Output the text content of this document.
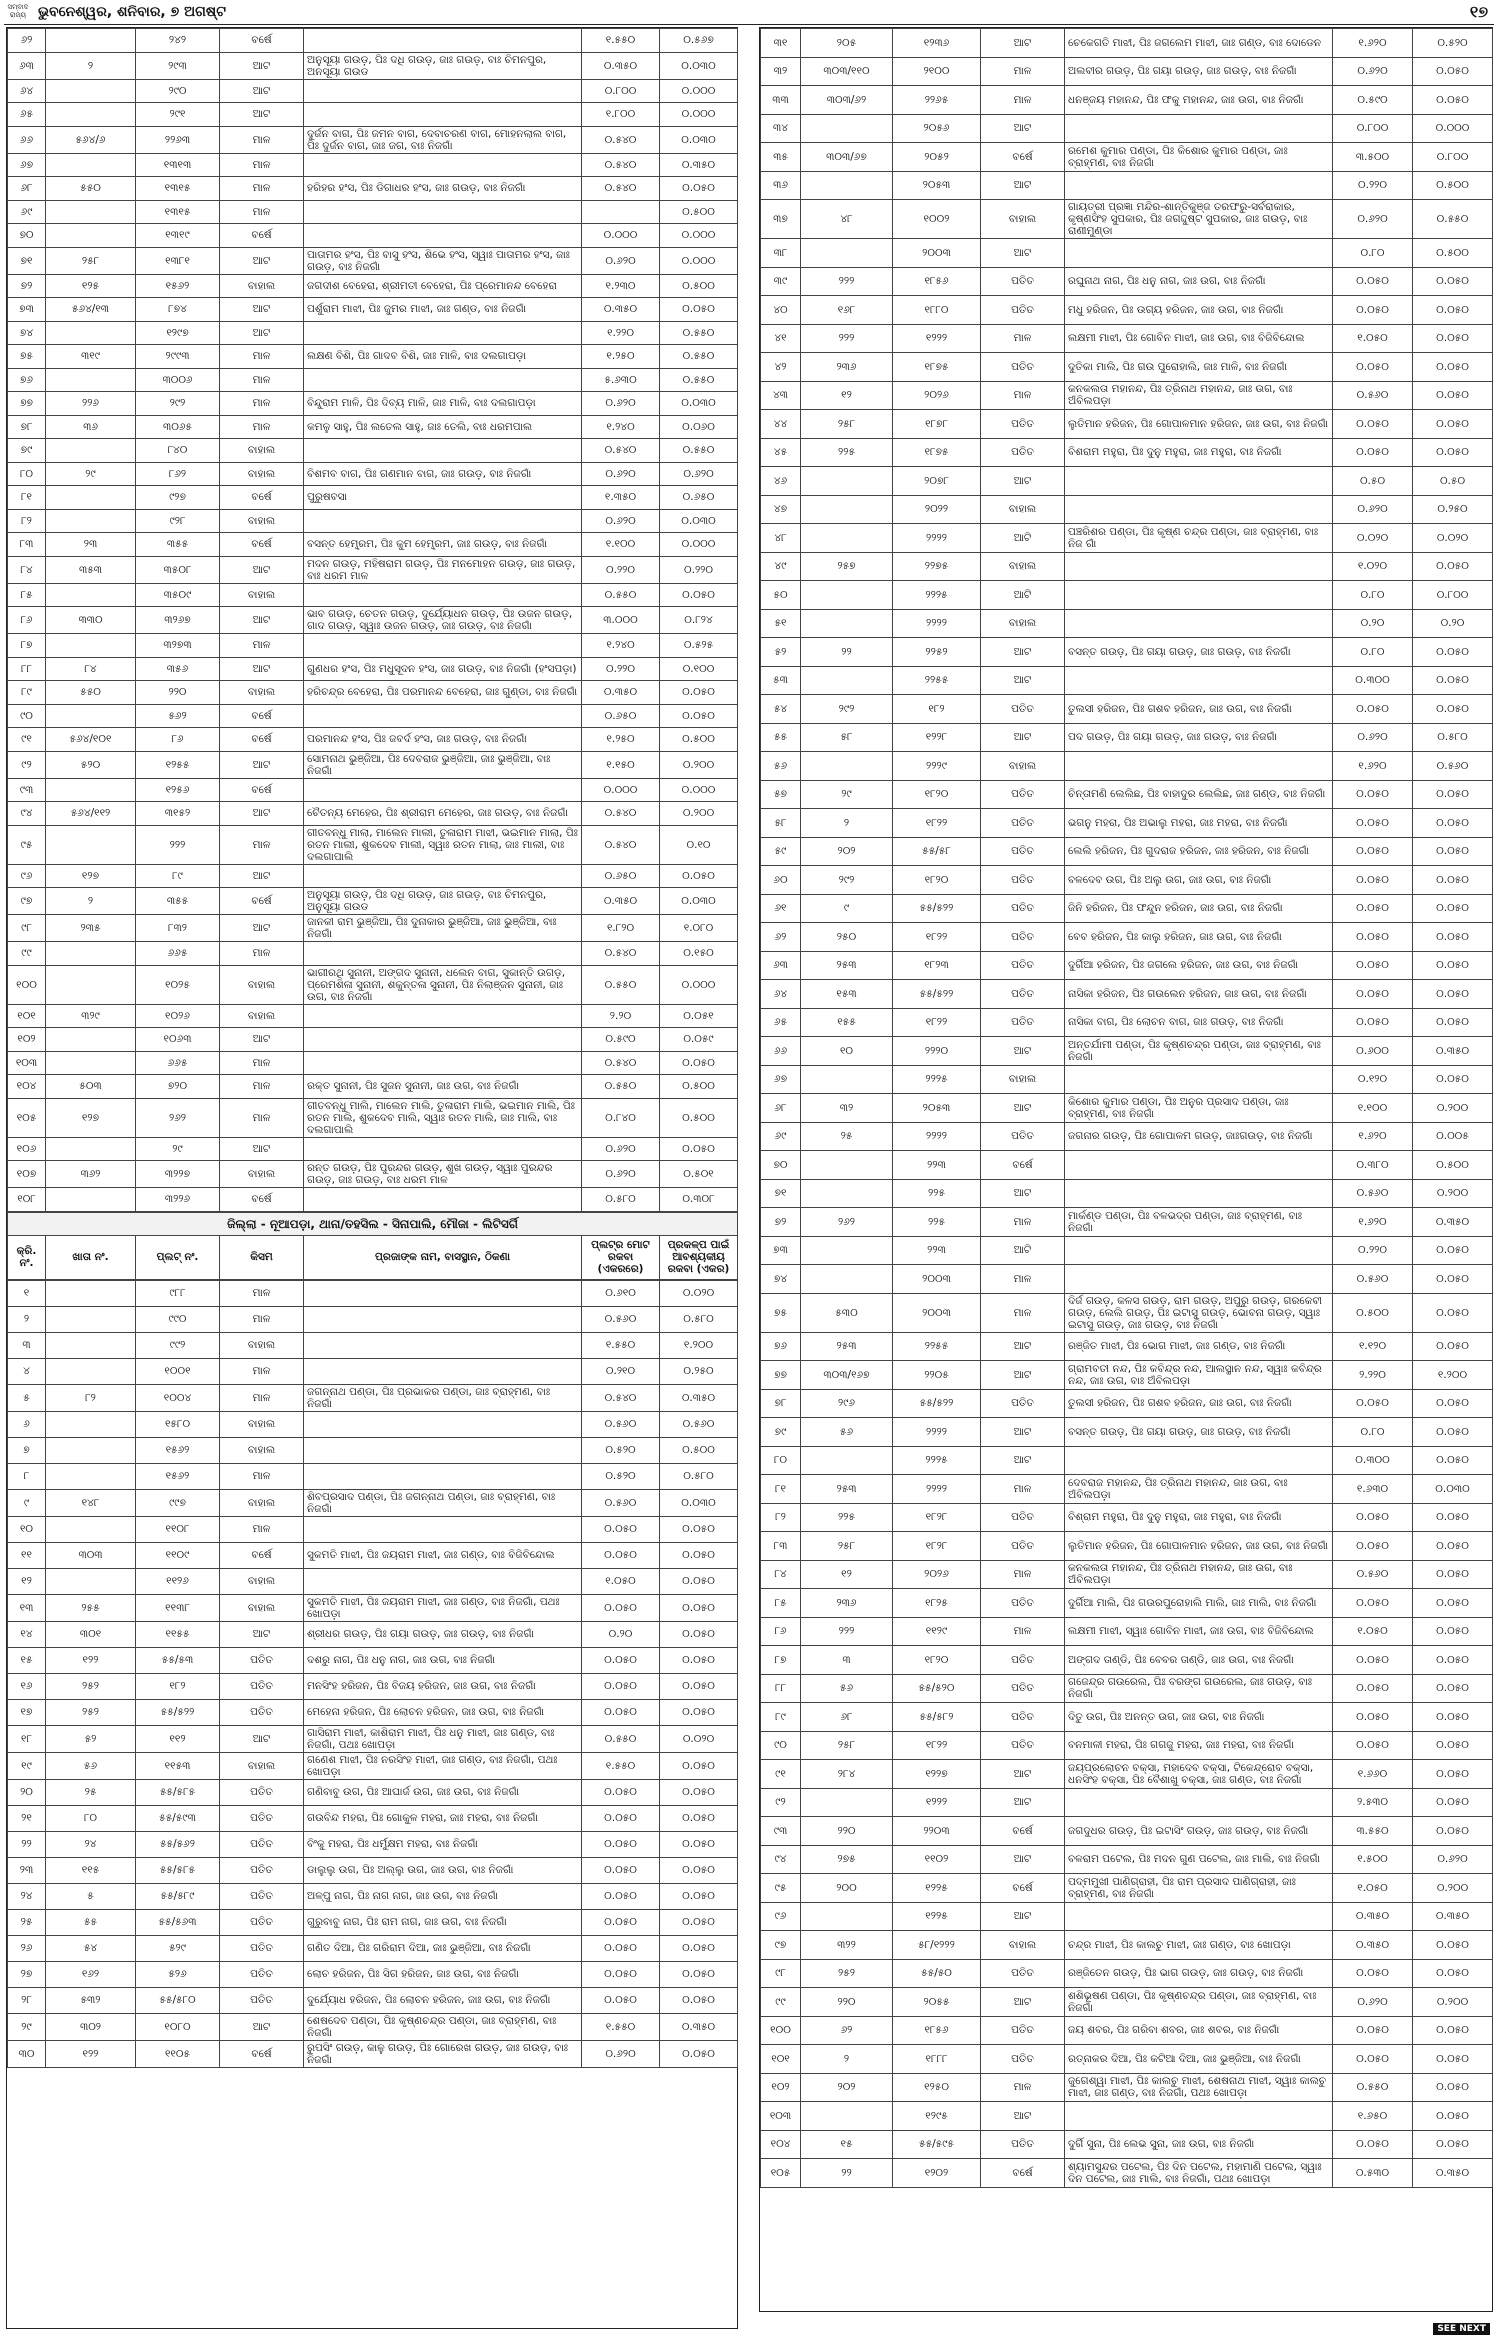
ସମ୍ବାଦ ରାଜ୍ୟ ଭୁବନେଶ୍ୱର, ଶନିବାର, ୭ ଅଗଷ୍ଟ	୧୭
୬୨		୨୪୨	ବର୍ଷେ		୧.୫୫୦	୦.୫୬୭
୬୩	୨	୨୯୩	ଆଟ	ଅନୁସୂୟା ଗଉଡ଼, ପିଃ ଦଧି ଗଉଡ଼, ଜାଃ ଗଉଡ଼, ବାଃ ଚିମନପୁର, ଅନସୂୟା ଗଉଡ	୦.୩୫୦	୦.୦୩୦
୬୪		୨୯୦	ଆଟ		୦.୮୦୦	୦.୦୦୦
୬୫		୨୯୧	ଆଟ		୧.୮୦୦	୦.୦୦୦
୬୬	୫୬୪/୬	୨୨୬୩	ମାଳ	ଦୁର୍ଜନ ବାଗ, ପିଃ ଜମନ ବାଗ, ଦେବାଚରଣ ବାଗ, ମୋହନଲାଲ ବାଗ, ପିଃ ଦୁର୍ଜନ ବାଗ, ଜାଃ ଜଗ, ବାଃ ନିଜଗାଁ	୦.୫୪୦	୦.୦୩୦
୬୭		୧୩୧୩	ମାଳ		୦.୫୪୦	୦.୩୫୦
୬୮	୫୫୦	୧୩୧୫	ମାଳ	ହରିହର ହଂସ, ପିଃ ଡିଗାଧର ହଂସ, ଜାଃ ଗଉଡ଼, ବାଃ ନିଜଗାଁ	୦.୫୪୦	୦.୦୫୦
୬୯		୧୩୧୫	ମାଳ			୦.୫୦୦
୭୦		୧୩୧୯	ବର୍ଷେ		୦.୦୦୦	୦.୦୦୦
୭୧	୨୫୮	୧୩୮୧	ଆଟ	ପାତାମର ହଂସ, ପିଃ ବାସୁ ହଂସ, ଶିଭେ ହଂସ, ସ୍ୱାଃ ପାତାମର ହଂସ, ଜାଃ ଗଉଡ଼, ବାଃ ନିଜଗାଁ	୦.୬୨୦	୦.୦୦୦
୭୨	୧୨୫	୧୫୬୨	ବାହାଲ	ଜଗଦୀଶ ବେହେରା, ଶ୍ରୀମତୀ ବେହେରା, ପିଃ ପ୍ରେମାନନ୍ଦ ବେହେରା	୧.୨୩୦	୦.୫୦୦
୭୩	୫୬୪/୧୩	୮୭୪	ଆଟ	ପର୍ଶୁରାମ ମାଝୀ, ପିଃ ଜୁମର ମାଝୀ, ଜାଃ ଗଣ୍ଡ, ବାଃ ନିଜଗାଁ	୦.୩୫୦	୦.୦୫୦
୭୪		୧୨୯୭	ଆଟ		୧.୨୨୦	୦.୫୫୦
୭୫	୩୧୯	୨୯୯୩	ମାଳ	ଲକ୍ଷଣ ବିଶି, ପିଃ ଗାଦବ ବିଶି, ଜାଃ ମାଳି, ବାଃ ଦଲଗାପଡ଼ା	୧.୨୫୦	୦.୫୫୦
୭୬		୩୦୦୬	ମାଳ		୫.୬୩୦	୦.୫୫୦
୭୭	୨୨୬	୨୯୨	ମାଳ	ବିନ୍ଦୁରାମ ମାଳି, ପିଃ ଦିବ୍ୟ ମାଳି, ଜାଃ ମାଳି, ବାଃ ଦଲଗାପଡ଼ା	୦.୬୨୦	୦.୦୩୦
୭୮	୩୬	୩୦୬୫	ମାଳ	କମଳୁ ସାହୁ, ପିଃ ଲତେଲ ସାହୁ, ଜାଃ ତେଲି, ବାଃ ଧରମପାଲ	୧.୨୪୦	୦.୦୬୦
୭୯		୮୪୦	ବାହାଲ		୦.୫୪୦	୦.୫୫୦
୮୦	୨୯	୮୬୨	ବାହାଲ	ବିଶମବ ବାଗ, ପିଃ ଗଣମାନ ବାଗ, ଜାଃ ଗଉଡ଼, ବାଃ ନିଜଗାଁ	୦.୬୨୦	୦.୬୨୦
୮୧		୯୨୭	ବର୍ଷେ	ପୁରୁଷବସା	୧.୩୫୦	୦.୬୫୦
୮୨		୯୨୮	ବାହାଲ		୦.୬୨୦	୦.୦୩୦
୮୩	୨୩	୩୫୫	ବର୍ଷେ	ବସନ୍ତ ହେମ୍ବ୍ରମ, ପିଃ କୁମ ହେମ୍ବ୍ରମ, ଜାଃ ଗଉଡ଼, ବାଃ ନିଜଗାଁ	୧.୧୦୦	୦.୦୦୦
୮୪	୩୫୩	୩୫୦୮	ଆଟ	ମଦନ ଗଉଡ଼, ମହିଷରାମ ଗଉଡ଼, ପିଃ ମନମୋହନ ଗଉଡ଼, ଜାଃ ଗଉଡ଼, ବାଃ ଧରମ ମାଳ	୦.୨୨୦	୦.୨୨୦
୮୫		୩୫୦୯	ବାହାଲ		୦.୫୫୦	୦.୦୫୦
୮୬	୩୩୦	୩୨୬୭	ଆଟ	ଭାବ ଗଉଡ଼, ଚେତନ ଗଉଡ଼, ଦୁର୍ଯ୍ୟୋଧନ ଗଉଡ଼, ପିଃ ଉଜନ ଗଉଡ଼, ଗାଦ ଗଉଡ଼, ସ୍ୱାଃ ଉଜନ ଗଉଡ଼, ଜାଃ ଗଉଡ଼, ବାଃ ନିଜଗାଁ	୩.୦୦୦	୦.୮୨୪
୮୭		୩୨୭୩	ମାଳ		୧.୨୪୦	୦.୫୨୫
୮୮	୮୪	୩୫୬	ଆଟ	ଗୁଣଧର ହଂସ, ପିଃ ମଧୁସୂଦନ ହଂସ, ଜାଃ ଗଉଡ଼, ବାଃ ନିଜଗାଁ (ହଂସପଡ଼ା)	୦.୨୨୦	୦.୧୦୦
୮୯	୫୫୦	୨୨୦	ବାହାଲ	ହରିଚନ୍ଦ୍ର ବେହେରା, ପିଃ ପରମାନନ୍ଦ ବେହେରା, ଜାଃ ଗୁଣ୍ଡା, ବାଃ ନିଜଗାଁ	୦.୩୫୦	୦.୦୫୦
୯୦		୫୬୨	ବର୍ଷେ		୦.୬୫୦	୦.୦୫୦
୯୧	୫୬୪/୧୦୧	୮୬	ବର୍ଷେ	ପରମାନନ୍ଦ ହଂସ, ପିଃ ଜବର୍ଦ ହଂସ, ଜାଃ ଗଉଡ଼, ବାଃ ନିଜଗାଁ	୧.୨୫୦	୦.୫୦୦
୯୨	୫୨୦	୧୨୫୫	ଆଟ	ସୋମନାଥ ଭୁଞ୍ଜିଆ, ପିଃ ଦେବରାଜ ଭୁଞ୍ଜିଆ, ଜାଃ ଭୁଞ୍ଜିଆ, ବାଃ ନିଜଗାଁ	୧.୧୫୦	୦.୨୦୦
୯୩		୧୨୫୬	ବର୍ଷେ		୦.୦୦୦	୦.୦୦୦
୯୪	୫୬୪/୧୧୨	୩୧୫୨	ଆଟ	ଚୈତନ୍ୟ ମେହେର, ପିଃ ଶ୍ରୀରାମ ମେହେର, ଜାଃ ଗଉଡ଼, ବାଃ ନିଜଗାଁ	୦.୫୪୦	୦.୨୦୦
୯୫		୨୨୨	ମାଳ	ଗୀତବନ୍ଧୁ ମାଲା, ମାଲେନ ମାଲୀ, ତୁଳାରାମ ମାଝୀ, ଭଇମାନ ମାଲା, ପିଃ ରତନ ମାଲୀ, ଶୁକଦେବ ମାଲୀ, ସ୍ୱାଃ ରତନ ମାଲା, ଜାଃ ମାଲୀ, ବାଃ ଦଲଗାପାଲି	୦.୫୪୦	୦.୧୦
୯୬	୧୨୭	୮୯	ଆଟ		୦.୬୫୦	୦.୦୫୦
୯୭	୨	୩୫୫	ବର୍ଷେ	ଅନୁସୂୟା ଗଉଡ଼, ପିଃ ଦଧି ଗଉଡ଼, ଜାଃ ଗଉଡ଼, ବାଃ ଚିମନପୁର, ଅନୁସୂୟା ଗଉଡ	୦.୩୫୦	୦.୦୩୦
୯୮	୨୩୫	୮୩୨	ଆଟ	ଜାନକୀ ରାମ ଭୁଞ୍ଜିଆ, ପିଃ ଦୁନାକାର ଭୁଞ୍ଜିଆ, ଜାଃ ଭୁଞ୍ଜିଆ, ବାଃ ନିଜଗାଁ	୧.୮୨୦	୧.୦୮୦
୯୯		୬୬୫	ମାଳ		୦.୫୪୦	୦.୧୫୦
୧୦୦		୧୦୨୫	ବାହାଲ	ଭାଗୀରଥି ସୁନାନୀ, ଅଙ୍ଗଦ ସୁନାନୀ, ଧଲେନ ବାଗ, ସୁକାନ୍ତି ଉଗଡ଼, ପ୍ରେମଶିଳା ସୁନାନୀ, ଶକୁନ୍ତଳା ସୁନାନୀ, ପିଃ ନିଲାଞ୍ଜନ ସୁନାନୀ, ଜାଃ ଉଗ, ବାଃ ନିଜଗାଁ	୦.୫୫୦	୦.୦୦୦
୧୦୧	୩୨୯	୧୦୨୬	ବାହାଲ		୨.୨୦	୦.୦୫୧
୧୦୨		୧୦୬୩	ଆଟ		୦.୫୯୦	୦.୦୫୯
୧୦୩		୬୬୫	ମାଳ		୦.୫୪୦	୦.୦୫୦
୧୦୪	୫୦୩	୭୨୦	ମାଳ	ରକ୍ତ ସୁନାନୀ, ପିଃ ସୁଜନ ସୁନାନୀ, ଜାଃ ଉଗ, ବାଃ ନିଜଗାଁ	୦.୫୫୦	୦.୫୦୦
୧୦୫	୧୨୭	୨୬୨	ମାଳ	ଗୀତବନ୍ଧୁ ମାଲି, ମାଲେନ ମାଲି, ତୁଳାରାମ ମାଲି, ଭଇମାନ ମାଲି, ପିଃ ରତନ ମାଲି, ଶୁକଦେବ ମାଲି, ସ୍ୱାଃ ରତନ ମାଲି, ଜାଃ ମାଲି, ବାଃ ଦଲଗାପାଲି	୦.୮୪୦	୦.୫୦୦
୧୦୬		୨୯	ଆଟ		୦.୬୨୦	୦.୦୫୦
୧୦୭	୩୬୨	୩୨୨୭	ବାହାଲ	ରନ୍ତ ଗଉଡ଼, ପିଃ ପୁରନ୍ଦର ଗଉଡ଼, ଶୁଖ ଗଉଡ଼, ସ୍ୱାଃ ପୁରନ୍ଦର ଗଉଡ଼, ଜାଃ ଗଉଡ଼, ବାଃ ଧରମ ମାଳ	୦.୬୨୦	୦.୫୦୧
୧୦୮		୩୨୨୬	ବର୍ଷେ		୦.୫୮୦	୦.୩୦୮
ଜିଲ୍ଲା - ନୂଆପଡ଼ା, ଥାନା/ତହସିଲ - ସିନାପାଲି, ମୌଜା - ଲିଟିସର୍ଗି
କ୍ରି. ନଂ.	ଖାତା ନଂ.	ପ୍ଲଟ୍ ନଂ.	କିସମ	ପ୍ରଜାଙ୍କ ନାମ, ବାସସ୍ଥାନ, ଠିକଣା	ପ୍ଲଟ୍‌ର ମୋଟ ରକବା (ଏକରରେ)	ପ୍ରକଳ୍ପ ପାଇଁ ଆବଶ୍ୟକୀୟ ରକବା (ଏକର)
୧		୯୮୮	ମାଳ		୦.୬୧୦	୦.୦୨୦
୨		୯୯୦	ମାଳ		୦.୫୬୦	୦.୫୮୦
୩		୯୯୨	ବାହାଲ		୧.୫୫୦	୧.୨୦୦
୪		୧୦୦୧	ମାଳ		୦.୨୧୦	୦.୨୫୦
୫	୮୨	୧୦୦୪	ମାଳ	ଜଗନ୍ନାଥ ପଣ୍ଡା, ପିଃ ପ୍ରଭାକର ପଣ୍ଡା, ଜାଃ ବ୍ରାହ୍ମଣ, ବାଃ ନିଜଗାଁ	୦.୫୪୦	୦.୩୫୦
୬		୧୫୮୦	ବାହାଲ		୦.୫୬୦	୦.୫୬୦
୭		୧୫୬୨	ବାହାଲ		୦.୫୨୦	୦.୫୦୦
୮		୧୫୬୨	ମାଳ		୦.୫୨୦	୦.୫୮୦
୯	୧୪୮	୯୯୭	ବାହାଲ	ଶିବପ୍ରସାଦ ପଣ୍ଡା, ପିଃ ଜଗନ୍ନାଥ ପଣ୍ଡା, ଜାଃ ବ୍ରାହ୍ମଣ, ବାଃ ନିଜଗାଁ	୦.୫୬୦	୦.୦୩୦
୧୦		୧୧୦୮	ମାଳ		୦.୦୫୦	୦.୦୫୦
୧୧	୩୦୩	୧୧୦୯	ବର୍ଷେ	ସୁକମତି ମାଝୀ, ପିଃ ଜୟରାମ ମାଝୀ, ଜାଃ ଗଣ୍ଡ, ବାଃ ବିଜିବିନ୍ଦୋଲ	୦.୦୫୦	୦.୦୫୦
୧୨		୧୧୨୬	ବାହାଲ		୧.୦୫୦	୦.୦୫୦
୧୩	୨୫୫	୧୧୩୮	ବାହାଲ	ସୁକମତି ମାଝୀ, ପିଃ ଜୟରାମ ମାଝୀ, ଜାଃ ଗଣ୍ଡ, ବାଃ ନିଜଗାଁ, ପଥଃ ଖୋପଡ଼ା	୦.୦୫୦	୦.୦୫୦
୧୪	୩୦୧	୧୧୫୫	ଆଟ	ଶ୍ରୀଧର ଗଉଡ଼, ପିଃ ଗୟା ଗଉଡ଼, ଜାଃ ଗଉଡ଼, ବାଃ ନିଜଗାଁ	୦.୨୦	୦.୦୫୦
୧୫	୧୨୨	୫୫/୫୩	ପତିତ	ଦଶରୁ ନାଗ, ପିଃ ଧନୁ ନାଗ, ଜାଃ ଉଗ, ବାଃ ନିଜଗାଁ	୦.୦୫୦	୦.୦୫୦
୧୬	୨୫୨	୧୮୨	ପତିତ	ମନସିଂହ ହରିଜନ, ପିଃ ବିଜୟ ହରିଜନ, ଜାଃ ଉଗ, ବାଃ ନିଜଗାଁ	୦.୦୫୦	୦.୦୫୦
୧୭	୨୫୨	୫୫/୫୨୨	ପତିତ	ମେହେନା ହରିଜନ, ପିଃ ଲୋଚନ ହରିଜନ, ଜାଃ ଉଗ, ବାଃ ନିଜଗାଁ	୦.୦୫୦	୦.୦୫୦
୧୮	୫୨	୧୧୨	ଆଟ	ଗାସିରାମ ମାଝୀ, କାଶିରାମ ମାଝୀ, ପିଃ ଧନୁ ମାଝୀ, ଜାଃ ଗଣ୍ଡ, ବାଃ ନିଜଗାଁ, ପଥଃ ଖୋପଡ଼ା	୦.୫୫୦	୦.୦୨୦
୧୯	୫୬	୧୧୫୩	ବାହାଲ	ଗଣେଶ ମାଝୀ, ପିଃ ନରସିଂହ ମାଝୀ, ଜାଃ ଗଣ୍ଡ, ବାଃ ନିଜଗାଁ, ପଥଃ ଖୋପଡ଼ା	୧.୫୫୦	୦.୦୫୦
୨୦	୨୫	୫୫/୫୮୫	ପତିତ	ଗଣିବାବୁ ଉଗ, ପିଃ ଆଘାର୍ଜ ଉଗ, ଜାଃ ଉଗ, ବାଃ ନିଜଗାଁ	୦.୦୫୦	୦.୦୫୦
୨୧	୮୦	୫୫/୫୯୩	ପତିତ	ଗଉବିନ୍ଦ ମହରା, ପିଃ ଗୋକୁଳ ମହରା, ଜାଃ ମହରା, ବାଃ ନିଜଗାଁ	୦.୦୫୦	୦.୦୫୦
୨୨	୨୪	୫୫/୫୬୨	ପତିତ	ବିଂକୁ ମହରା, ପିଃ ଧର୍ମୁକ୍ଷମ ମହରା, ବାଃ ନିଜଗାଁ	୦.୦୫୦	୦.୦୫୦
୨୩	୧୧୫	୫୫/୫୮୫	ପତିତ	ଡାଲୁଲୁ ଉଗ, ପିଃ ଅଲ୍ଲୁ ଉଗ, ଜାଃ ଉଗ, ବାଃ ନିଜଗାଁ	୦.୦୫୦	୦.୦୫୦
୨୪	୫	୫୫/୫୮୯	ପତିତ	ଅଳ୍ପୁ ନାଗ, ପିଃ ନାଗ ନାଗ, ଜାଃ ଉଗ, ବାଃ ନିଜଗାଁ	୦.୦୫୦	୦.୦୫୦
୨୫	୫୫	୫୫/୫୬୩	ପତିତ	ଗୁରୁବାବୁ ନାଗ, ପିଃ ରାମ ନାଗ, ଜାଃ ଉଗ, ବାଃ ନିଜଗାଁ	୦.୦୫୦	୦.୦୫୦
୨୬	୫୪	୫୨୯	ପତିତ	ଗଣିତ ଦିଆ, ପିଃ ଗରିରାମ ଦିଆ, ଜାଃ ଭୁଞ୍ଜିଆ, ବାଃ ନିଜଗାଁ	୦.୦୫୦	୦.୦୫୦
୨୭	୧୬୨	୫୨୬	ପତିତ	ଲୋଚ ହରିଜନ, ପିଃ ସିଗ ହରିଜନ, ଜାଃ ଉଗ, ବାଃ ନିଜଗାଁ	୦.୦୫୦	୦.୦୫୦
୨୮	୫୩୨	୫୫/୫୮୦	ପତିତ	ଦୁର୍ଯ୍ୟୋଧ ହରିଜନ, ପିଃ ଲୋଚନ ହରିଜନ, ଜାଃ ଉଗ, ବାଃ ନିଜଗାଁ	୦.୦୫୦	୦.୦୫୦
୨୯	୩୦୨	୧୦୮୦	ଆଟ	ଶେଷଦେବ ପଣ୍ଡା, ପିଃ କୃଷ୍ଣଚନ୍ଦ୍ର ପଣ୍ଡା, ଜାଃ ବ୍ରାହ୍ମଣ, ବାଃ ନିଜଗାଁ	୧.୫୫୦	୦.୩୫୦
୩୦	୧୨୨	୧୧୦୫	ବର୍ଷେ	ରୁପସିଂ ଗଉଡ଼, କାଳୁ ଗଉଡ଼, ପିଃ ଗୋରେଖ ଗଉଡ଼, ଜାଃ ଗଉଡ଼, ବାଃ ନିଜଗାଁ	୦.୬୨୦	୦.୦୫୦
୩୧	୨୦୫	୧୨୩୬	ଆଟ	ଚେକେଗତି ମାଝୀ, ପିଃ ଜଗଲେମ ମାଝୀ, ଜାଃ ଗଣ୍ଡ, ବାଃ ଦୋଡେନ	୧.୬୨୦	୦.୫୨୦
୩୨	୩୦୩/୧୧୦	୨୧୦୦	ମାଳ	ଅଲବୀର ଗଉଡ଼, ପିଃ ଗୟା ଗଉଡ଼, ଜାଃ ଗଉଡ଼, ବାଃ ନିଜଗାଁ	୦.୬୨୦	୦.୦୫୦
୩୩	୩୦୩/୬୨	୨୨୬୫	ମାଳ	ଧନଞ୍ଜୟ ମହାନନ୍ଦ, ପିଃ ଫକୁ ମହାନନ୍ଦ, ଜାଃ ଉଗ, ବାଃ ନିଜଗାଁ	୦.୫୯୦	୦.୦୫୦
୩୪		୨୦୫୬	ଆଟ		୦.୮୦୦	୦.୦୦୦
୩୫	୩୦୩/୬୭	୨୦୫୨	ବର୍ଷେ	ରମେଶ କୁମାର ପଣ୍ଡା, ପିଃ କିଶୋର କୁମାର ପଣ୍ଡା, ଜାଃ ବ୍ରାହ୍ମଣ, ବାଃ ନିଜଗାଁ	୩.୫୦୦	୦.୮୦୦
୩୬		୨୦୫୩	ଆଟ		୦.୨୨୦	୦.୫୦୦
୩୭	୪୮	୧୦୦୨	ବାହାଲ	ଗାୟତ୍ରୀ ପ୍ରଜ୍ଞା ମନ୍ଦିର-ଶାନ୍ତିକୁଞ୍ଜ ତରଫରୁ-ସର୍ବରାକାର, କୃଷ୍ଣସିଂହ ସୁପକାର, ପିଃ ଜଗଦ୍ଦୁଷ୍ଟ ସୁପକାର, ଜାଃ ଗଉଡ଼, ବାଃ ରାଣୀମୁଣ୍ଡା	୦.୬୨୦	୦.୫୫୦
୩୮		୨୦୦୩	ଆଟ		୦.୮୦	୦.୫୦୦
୩୯	୨୨୨	୧୮୫୬	ପତିତ	ରଘୁନାଥ ନାଗ, ପିଃ ଧନୁ ନାଗ, ଜାଃ ଉଗ, ବାଃ ନିଜଗାଁ	୦.୦୫୦	୦.୦୫୦
୪୦	୧୬୮	୧୮୮୦	ପତିତ	ମଧୁ ହରିଜନ, ପିଃ ଉଗ୍ୟ ହରିଜନ, ଜାଃ ଉଗ, ବାଃ ନିଜଗାଁ	୦.୦୫୦	୦.୦୫୦
୪୧	୨୨୨	୧୨୨୨	ମାଳ	ଲକ୍ଷମୀ ମାଝୀ, ପିଃ ଗୋବିନ ମାଝୀ, ଜାଃ ଉଗ, ବାଃ ବିଜିବିନ୍ଦୋଲ	୧.୦୫୦	୦.୦୫୦
୪୨	୨୩୬	୧୮୭୫	ପତିତ	ଦୁତିକା ମାଲି, ପିଃ ଗଉ ପୁରୋହାଲି, ଜାଃ ମାଳି, ବାଃ ନିଜଗାଁ	୦.୦୫୦	୦.୦୫୦
୪୩	୧୨	୨୦୨୬	ମାଳ	କନକଲତା ମହାନନ୍ଦ, ପିଃ ତ୍ରିନାଥ ମହାନନ୍ଦ, ଜାଃ ଉଗ, ବାଃ ଅଁବିଲପଡ଼ା	୦.୫୬୦	୦.୦୫୦
୪୪	୨୫୮	୧୮୭୮	ପତିତ	ଲୁତିମାନ ହରିଜନ, ପିଃ ଗୋପାଳମାନ ହରିଜନ, ଜାଃ ଉଗ, ବାଃ ନିଜଗାଁ	୦.୦୫୦	୦.୦୫୦
୪୫	୨୨୫	୧୮୭୫	ପତିତ	ବିଶରାମ ମହୁରା, ପିଃ ଦୁନୁ ମହୁରା, ଜାଃ ମହୁରା, ବାଃ ନିଜଗାଁ	୦.୦୫୦	୦.୦୫୦
୪୬		୨୦୭୮	ଆଟ		୦.୫୦	୦.୫୦
୪୭		୨୦୨୨	ବାହାଲ		୦.୬୨୦	୦.୨୫୦
୪୮		୨୨୨୨	ଆଟି	ପଞ୍ଚରିଶର ପଣ୍ଡା, ପିଃ କୃଷ୍ଣ ଚନ୍ଦ୍ର ପଣ୍ଡା, ଜାଃ ବ୍ରାହ୍ମଣ, ବାଃ ନିଜ ଗାଁ	୦.୦୨୦	୦.୦୨୦
୪୯	୨୫୭	୨୨୭୫	ବାହାଲ		୧.୦୨୦	୦.୦୫୦
୫୦		୨୨୨୫	ଆଟି		୦.୮୦	୦.୮୦୦
୫୧		୨୨୨୨	ବାହାଲ		୦.୨୦	୦.୨୦
୫୨	୨୨	୨୨୫୨	ଆଟ	ବସନ୍ତ ଗଉଡ଼, ପିଃ ଗୟା ଗଉଡ଼, ଜାଃ ଗଉଡ଼, ବାଃ ନିଜଗାଁ	୦.୮୦	୦.୦୫୦
୫୩		୨୨୫୫	ଆଟ		୦.୩୦୦	୦.୦୫୦
୫୪	୨୯୨	୧୮୨	ପତିତ	ତୁଲସୀ ହରିଜନ, ପିଃ ଗଶବ ହରିଜନ, ଜାଃ ଉଗ, ବାଃ ନିଜଗାଁ	୦.୦୫୦	୦.୦୫୦
୫୫	୫୮	୧୨୨୮	ଆଟ	ପଦ ଗଉଡ଼, ପିଃ ଗୟା ଗଉଡ଼, ଜାଃ ଗଉଡ଼, ବାଃ ନିଜଗାଁ	୦.୬୨୦	୦.୫୮୦
୫୬		୨୨୨୯	ବାହାଲ		୧.୬୨୦	୦.୫୬୦
୫୭	୨୯	୧୮୨୦	ପତିତ	ଚିନ୍ତାମଣି ଲେଲିଛ, ପିଃ ବାହାଦୁର ଲେଲିଛ, ଜାଃ ଗଣ୍ଡ, ବାଃ ନିଜଗାଁ	୦.୦୫୦	୦.୦୫୦
୫୮	୨	୧୮୨୨	ପତିତ	ଭଗନୁ ମହରା, ପିଃ ଅଭାଲୁ ମହରା, ଜାଃ ମହରା, ବାଃ ନିଜଗାଁ	୦.୦୫୦	୦.୦୫୦
୫୯	୨୦୨	୫୫/୫୮	ପତିତ	ଲେଲି ହରିଜନ, ପିଃ ଗୁଦରାଜ ହରିଜନ, ଜାଃ ହରିଜନ, ବାଃ ନିଜଗାଁ	୦.୦୫୦	୦.୦୫୦
୬୦	୨୯୨	୧୮୨୦	ପତିତ	ବଳଦେବ ଉଗ, ପିଃ ଅଲୁ ଉଗ, ଜାଃ ଉଗ, ବାଃ ନିଜଗାଁ	୦.୦୫୦	୦.୦୫୦
୬୧	୯	୫୫/୫୨୨	ପତିତ	ଜିନି ହରିଜନ, ପିଃ ଫନ୍ଦୁନ ହରିଜନ, ଜାଃ ଉଗ, ବାଃ ନିଜଗାଁ	୦.୦୫୦	୦.୦୫୦
୬୨	୨୫୦	୧୮୨୨	ପତିତ	ବେବ ହରିଜନ, ପିଃ କାଲୁ ହରିଜନ, ଜାଃ ଉଗ, ବାଃ ନିଜଗାଁ	୦.୦୫୦	୦.୦୫୦
୬୩	୨୫୩	୧୮୨୩	ପତିତ	ଦୁର୍ଗିଆ ହରିଜନ, ପିଃ ଜଗଲେ ହରିଜନ, ଜାଃ ଉଗ, ବାଃ ନିଜଗାଁ	୦.୦୫୦	୦.୦୫୦
୬୪	୧୫୩	୫୫/୫୨୨	ପତିତ	ନାସିକା ହରିଜନ, ପିଃ ଗଉଲେନ ହରିଜନ, ଜାଃ ଉଗ, ବାଃ ନିଜଗାଁ	୦.୦୫୦	୦.୦୫୦
୬୫	୧୫୫	୧୮୨୨	ପତିତ	ନାସିକା ବାଗ, ପିଃ ଲୋଚନ ବାଗ, ଜାଃ ଗଉଡ଼, ବାଃ ନିଜଗାଁ	୦.୦୫୦	୦.୦୫୦
୬୬	୧୦	୨୨୨୦	ଆଟ	ଅନ୍ତର୍ଯାମୀ ପଣ୍ଡା, ପିଃ କୃଷ୍ଣଚନ୍ଦ୍ର ପଣ୍ଡା, ଜାଃ ବ୍ରାହ୍ମଣ, ବାଃ ନିଜଗାଁ	୦.୬୦୦	୦.୩୫୦
୬୭		୨୨୨୫	ବାହାଲ		୦.୧୨୦	୦.୦୫୦
୬୮	୩୨	୨୦୫୩	ଆଟ	କିଶୋର କୁମାର ପଣ୍ଡା, ପିଃ ଅନୁର ପ୍ରସାଦ ପଣ୍ଡା, ଜାଃ ବ୍ରାହ୍ମଣ, ବାଃ ନିଜଗାଁ	୧.୧୦୦	୦.୨୦୦
୬୯	୨୫	୨୨୨୨	ପତିତ	ଜଗନାର ଗଉଡ଼, ପିଃ ଗୋପାଳମ ଗଉଡ଼, ଜାଃଗଉଡ଼, ବାଃ ନିଜଗାଁ	୧.୬୨୦	୦.୦୦୫
୭୦		୨୨୩	ବର୍ଷେ		୦.୩୮୦	୦.୫୦୦
୭୧		୨୨୫	ଆଟ		୦.୫୬୦	୦.୨୦୦
୭୨	୨୬୨	୨୨୫	ମାଳ	ମାର୍କଣ୍ଡ ପଣ୍ଡା, ପିଃ ବଳଭଦ୍ର ପଣ୍ଡା, ଜାଃ ବ୍ରାହ୍ମଣ, ବାଃ ନିଜଗାଁ	୧.୬୨୦	୦.୩୫୦
୭୩		୨୨୩	ଆଟି		୦.୨୨୦	୦.୦୫୦
୭୪		୨୦୦୩	ମାଳ		୦.୫୬୦	୦.୦୫୦
୭୫	୫୩୦	୨୦୦୩	ମାଳ	ଦିର୍ଜ ଗଉଡ଼, କଳସ ଗଉଡ଼, ରାମ ଗଉଡ଼, ଅପୁରୁ ଗଉଡ଼, ଗରକେବୀ ଗଉଡ଼, ଲେଲି ଗଉଡ଼, ପିଃ ଇଟାସୁ ଗଉଡ଼, ଭୋବନା ଗଉଡ଼, ସ୍ୱାଃ ଇଟାସୁ ଗଉଡ଼, ଜାଃ ଗଉଡ଼, ବାଃ ନିଜଗାଁ	୦.୫୦୦	୦.୦୫୦
୭୬	୨୫୩	୨୨୫୫	ଆଟ	ରଞ୍ଜିତ ମାଝୀ, ପିଃ ଭୋଗ ମାଝୀ, ଜାଃ ଗଣ୍ଡ, ବାଃ ନିଜଗାଁ	୧.୧୨୦	୦.୦୫୦
୭୭	୩୦୩/୧୬୭	୨୨୦୫	ଆଟ	ଗ୍ରାମବତୀ ନନ୍ଦ, ପିଃ କବିନ୍ଦ୍ର ନନ୍ଦ, ଆଲସ୍ଥାନ ନନ୍ଦ, ସ୍ୱାଃ କବିନ୍ଦ୍ର ନନ୍ଦ, ଜାଃ ଉଗ, ବାଃ ଅଁବିଲପଡ଼ା	୨.୨୨୦	୧.୨୦୦
୭୮	୨୯୬	୫୫/୫୨୨	ପତିତ	ତୁଲସୀ ହରିଜନ, ପିଃ ଗଶବ ହରିଜନ, ଜାଃ ଉଗ, ବାଃ ନିଜଗାଁ	୦.୦୫୦	୦.୦୫୦
୭୯	୫୬	୨୨୨୨	ଆଟ	ବସନ୍ତ ଗଉଡ଼, ପିଃ ଗୟା ଗଉଡ଼, ଜାଃ ଗଉଡ଼, ବାଃ ନିଜଗାଁ	୦.୮୦	୦.୦୫୦
୮୦		୨୨୨୫	ଆଟ		୦.୩୦୦	୦.୦୫୦
୮୧	୨୫୩	୨୨୨୨	ମାଳ	ଦେବରାଜ ମହାନନ୍ଦ, ପିଃ ତ୍ରିନାଥ ମହାନନ୍ଦ, ଜାଃ ଉଗ, ବାଃ ଅଁବିଲପଡ଼ା	୧.୬୩୦	୦.୦୩୦
୮୨	୨୨୫	୧୮୨୮	ପତିତ	ବିଶ୍ରାମ ମହୁରା, ପିଃ ଦୁନୁ ମହୁରା, ଜାଃ ମହୁରା, ବାଃ ନିଜଗାଁ	୦.୦୫୦	୦.୦୫୦
୮୩	୨୫୮	୧୮୨୮	ପତିତ	ଲୁତିମାନ ହରିଜନ, ପିଃ ଗୋପାଳମାନ ହରିଜନ, ଜାଃ ଉଗ, ବାଃ ନିଜଗାଁ	୦.୦୫୦	୦.୦୫୦
୮୪	୧୨	୨୦୨୬	ମାଳ	କନକଲତା ମହାନନ୍ଦ, ପିଃ ତ୍ରିନାଥ ମହାନନ୍ଦ, ଜାଃ ଉଗ, ବାଃ ଅଁବିଲପଡ଼ା	୦.୫୬୦	୦.୦୫୦
୮୫	୨୩୬	୧୮୨୫	ପତିତ	ଦୁର୍ଗିଆ ମାଲି, ପିଃ ଗଉରପୁରୋହାଲି ମାଲି, ଜାଃ ମାଲି, ବାଃ ନିଜଗାଁ	୦.୦୫୦	୦.୦୫୦
୮୬	୨୨୨	୧୧୨୯	ମାଳ	ଲକ୍ଷମୀ ମାଝୀ, ସ୍ୱାଃ ଗୋବିନ ମାଝୀ, ଜାଃ ଉଗ, ବାଃ ବିଜିବିନ୍ଦୋଲ	୧.୦୫୦	୦.୦୫୦
୮୭	୩	୧୮୨୦	ପତିତ	ଅଙ୍ଗଦ ତାଣ୍ଡି, ପିଃ ବେବର ତାଣ୍ଡି, ଜାଃ ଉଗ, ବାଃ ନିଜଗାଁ	୦.୦୫୦	୦.୦୫୦
୮୮	୫୬	୫୫/୫୨୦	ପତିତ	ଗଜେନ୍ଦ୍ର ଗଉରେଲ, ପିଃ ବରଙ୍ଗ ଗଉରେଲ, ଜାଃ ଗଉଡ଼, ବାଃ ନିଜଗାଁ	୦.୦୫୦	୦.୦୫୦
୮୯	୬୮	୫୫/୫୮୨	ପତିତ	ଦିତୁ ଉଗ, ପିଃ ଅନନ୍ତ ଉଗ, ଜାଃ ଉଗ, ବାଃ ନିଜଗାଁ	୦.୦୫୦	୦.୦୫୦
୯୦	୨୫୮	୧୮୨୨	ପତିତ	ବନମାଳୀ ମହରା, ପିଃ ଗଗଜୁ ମହରା, ଜାଃ ମହରା, ବାଃ ନିଜଗାଁ	୦.୦୫୦	୦.୦୫୦
୯୧	୨୮୪	୧୨୨୭	ଆଟ	ଜୟପ୍ରଲୋଚନ ବକ୍ସା, ମହାଦେବ ବକ୍ସା, ଟିକେନ୍ଦ୍ରୋବ ବକ୍ସା, ଧନସିଂହ ବକ୍ସା, ପିଃ ବୈଶାଖୁ ବକ୍ସା, ଜାଃ ଗଣ୍ଡ, ବାଃ ନିଜଗାଁ	୧.୬୬୦	୦.୦୫୦
୯୨		୧୨୨୨	ଆଟ		୨.୫୩୦	୦.୦୫୦
୯୩	୨୨୦	୨୨୦୩	ବର୍ଷେ	ଜଗଦୁଧର ଗଉଡ଼, ପିଃ ଇଟାସିଂ ଗଉଡ଼, ଜାଃ ଗଉଡ଼, ବାଃ ନିଜଗାଁ	୩.୫୫୦	୦.୦୫୦
୯୪	୨୭୫	୧୧୦୨	ଆଟ	ବଳରାମ ପଟେଲ, ପିଃ ମଦନ ଗୁଣ ପଟେଲ, ଜାଃ ମାଲି, ବାଃ ନିଜଗାଁ	୧.୫୦୦	୦.୬୨୦
୯୫	୨୦୦	୧୨୨୫	ବର୍ଷେ	ପଦ୍ମମୁଖୀ ପାଣିଗ୍ରାହୀ, ପିଃ ରାମ ପ୍ରସାଦ ପାଣିଗ୍ରାହୀ, ଜାଃ ବ୍ରାହ୍ମଣ, ବାଃ ନିଜଗାଁ	୧.୦୫୦	୦.୨୦୦
୯୬		୧୨୨୫	ଆଟ		୦.୩୫୦	୦.୩୫୦
୯୭	୩୨୨	୫୮/୧୨୨୨	ବାହାଲ	ଚନ୍ଦ୍ର ମାଝୀ, ପିଃ କାଲଚୁ ମାଝୀ, ଜାଃ ଗଣ୍ଡ, ବାଃ ଖୋପଡ଼ା	୦.୩୫୦	୦.୦୫୦
୯୮	୨୫୨	୫୫/୫୦	ପତିତ	ରଞ୍ଜିତେନ ଗଉଡ଼, ପିଃ ଭାଗ ଗଉଡ଼, ଜାଃ ଗଉଡ଼, ବାଃ ନିଜଗାଁ	୦.୦୫୦	୦.୦୫୦
୯୯	୨୨୦	୨୦୫୫	ଆଟ	ଶଶିଭୂଷଣ ପଣ୍ଡା, ପିଃ କୃଷ୍ଣଚନ୍ଦ୍ର ପଣ୍ଡା, ଜାଃ ବ୍ରାହ୍ମଣ, ବାଃ ନିଜଗାଁ	୦.୬୨୦	୦.୨୦୦
୧୦୦	୬୨	୧୮୫୬	ପତିତ	ଜୟ ଶବର, ପିଃ ଗରିବା ଶବର, ଜାଃ ଶବର, ବାଃ ନିଜଗାଁ	୦.୦୫୦	୦.୦୫୦
୧୦୧	୨	୧୮୮୮	ପତିତ	ରତ୍ନାକର ଦିଆ, ପିଃ କଟିଆ ଦିଆ, ଜାଃ ଭୁଞ୍ଜିଆ, ବାଃ ନିଜଗାଁ	୦.୦୫୦	୦.୦୫୦
୧୦୨	୨୦୨	୧୨୫୦	ମାଳ	ଜୁଗେଶ୍ୱା ମାଝୀ, ପିଃ କାଲଚୁ ମାଝୀ, ଶେଷନାଥ ମାଝୀ, ସ୍ୱାଃ କାଲଚୁ ମାଝୀ, ଜାଃ ଗଣ୍ଡ, ବାଃ ନିଜଗାଁ, ପଥଃ ଖୋପଡ଼ା	୦.୫୫୦	୦.୦୫୦
୧୦୩		୧୨୯୫	ଆଟ		୧.୬୫୦	୦.୦୫୦
୧୦୪	୧୫	୫୫/୫୯୫	ପତିତ	ଦୁର୍ଗି ସୁନା, ପିଃ ଲେଭ ସୁନା, ଜାଃ ଉଗ, ବାଃ ନିଜଗାଁ	୦.୦୫୦	୦.୦୫୦
୧୦୫	୨୨	୧୨୦୨	ବର୍ଷେ	ଶ୍ୟାମସୁନ୍ଦର ପଟେଲ, ପିଃ ଦିନ ପଟେଲ, ମହାମାଣି ପଟେଲ, ସ୍ୱାଃ ଦିନ ପଟେଲ, ଜାଃ ମାଲି, ବାଃ ନିଜଗାଁ, ପଥଃ ଖୋପଡ଼ା	୦.୫୩୦	୦.୩୫୦
SEE NEXT
